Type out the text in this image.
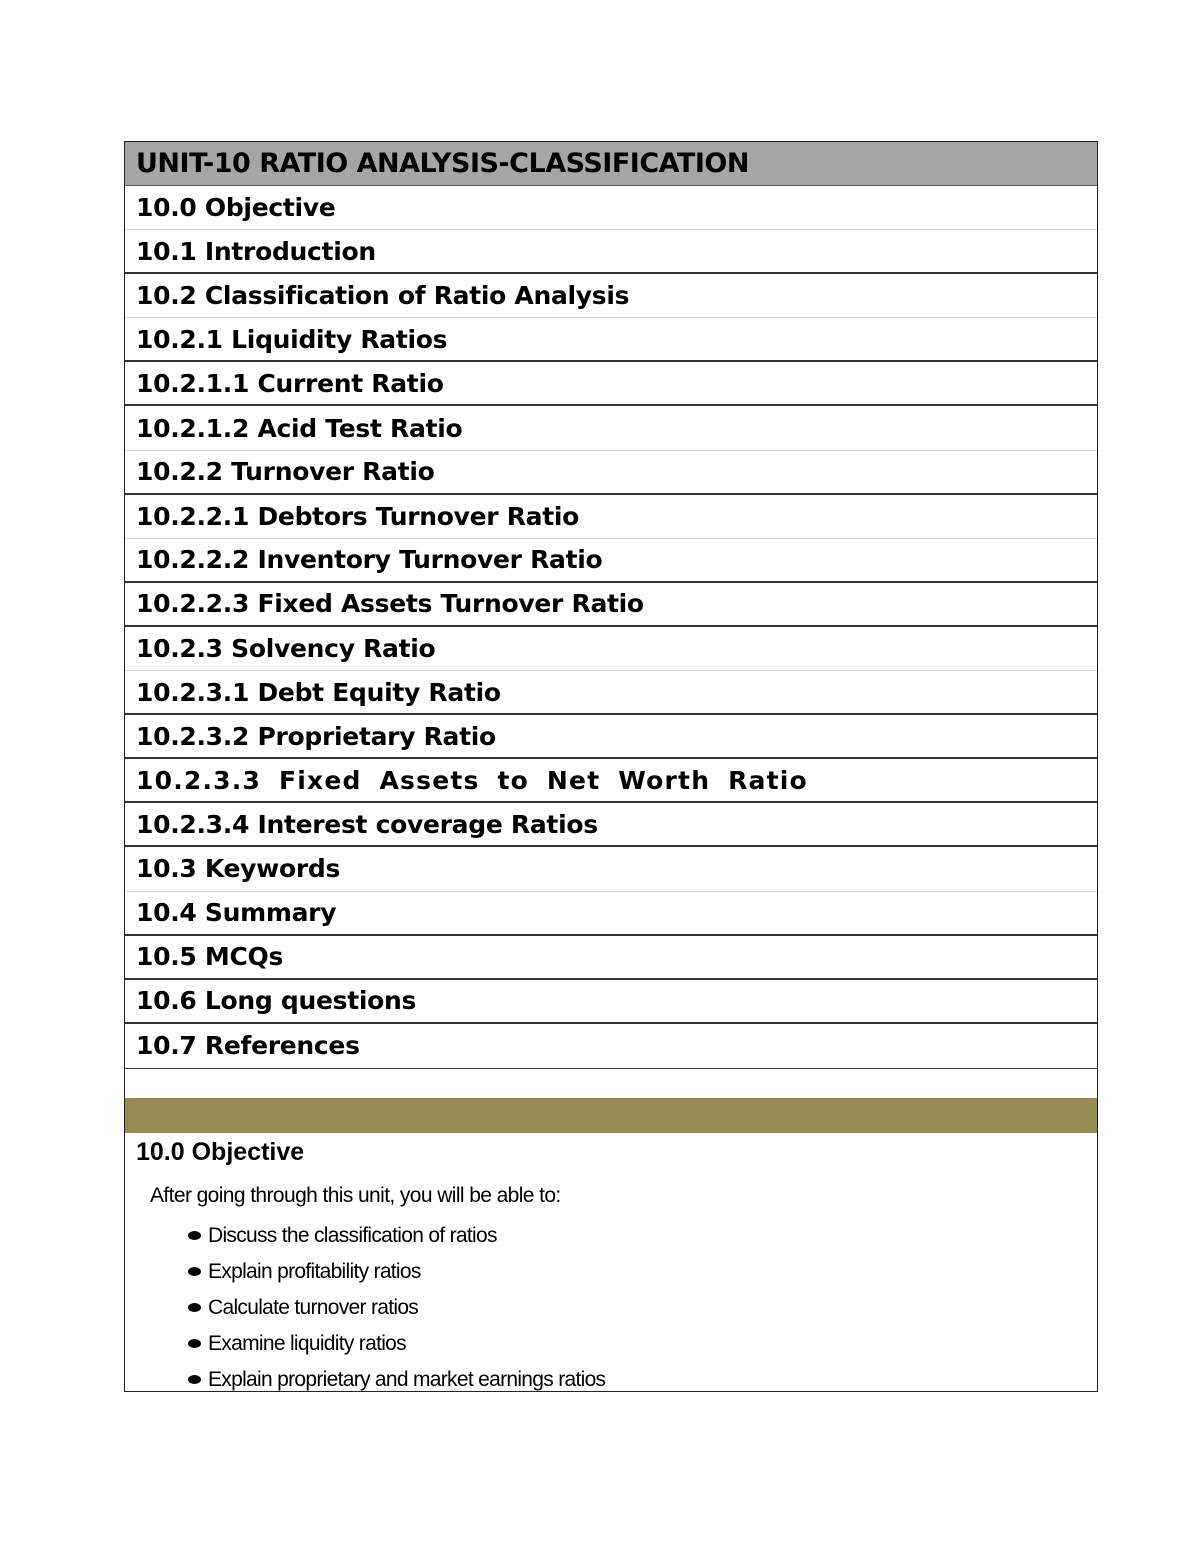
UNIT-10 RATIO ANALYSIS-CLASSIFICATION
10.0 Objective
10.1 Introduction
10.2 Classification of Ratio Analysis
10.2.1 Liquidity Ratios
10.2.1.1 Current Ratio
10.2.1.2 Acid Test Ratio
10.2.2 Turnover Ratio
10.2.2.1 Debtors Turnover Ratio
10.2.2.2 Inventory Turnover Ratio
10.2.2.3 Fixed Assets Turnover Ratio
10.2.3 Solvency Ratio
10.2.3.1 Debt Equity Ratio
10.2.3.2 Proprietary Ratio
10.2.3.3 Fixed Assets to Net Worth Ratio
10.2.3.4 Interest coverage Ratios
10.3 Keywords
10.4 Summary
10.5 MCQs
10.6 Long questions
10.7 References
10.0 Objective
After going through this unit, you will be able to:
Discuss the classification of ratios
Explain profitability ratios
Calculate turnover ratios
Examine liquidity ratios
Explain proprietary and market earnings ratios
